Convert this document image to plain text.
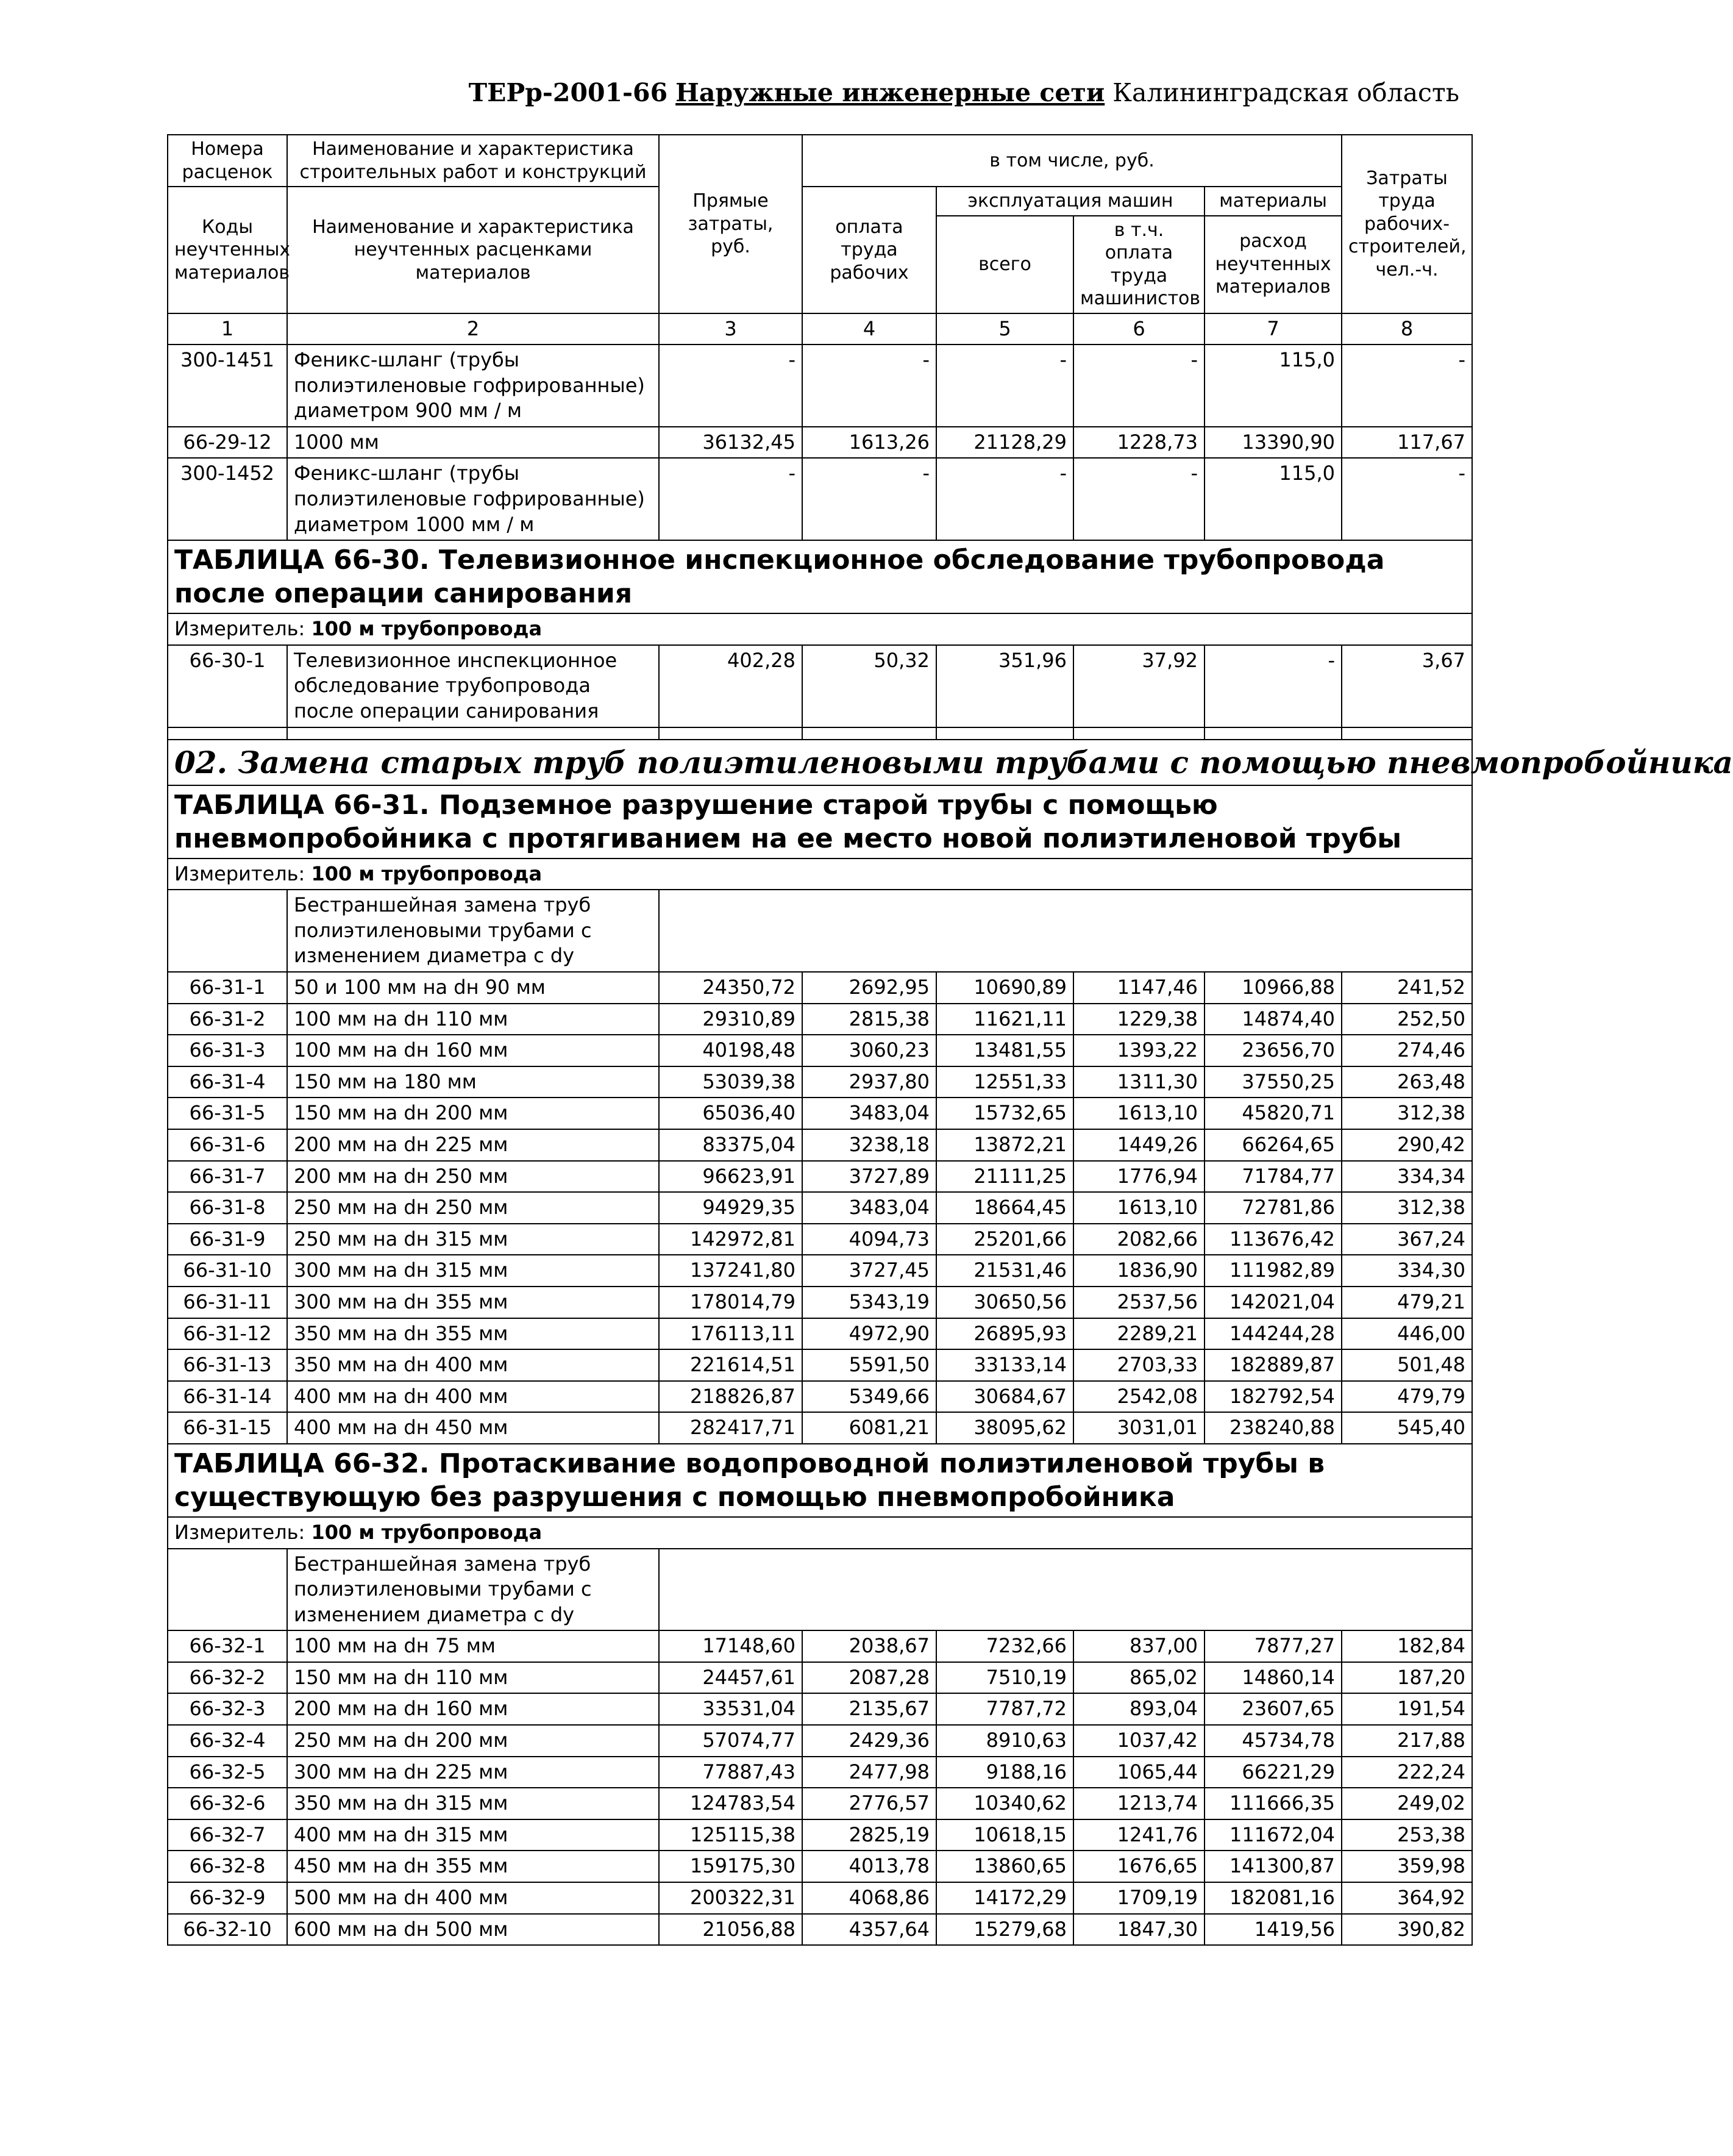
ТЕРр-2001-66 Наружные инженерные сети Калининградская область
Номера расценок	Наименование и характеристика строительных работ и конструкций	Прямые затраты, руб.	в том числе, руб.				Затраты труда рабочих-строителей,
чел.-ч.

Коды неучтенных материалов	Наименование и характеристика неучтенных расценками материалов		оплата труда рабочих	эксплуатация машин		материалы	
				всего	в т.ч. оплата труда машинистов	расход неучтенных материалов	
1	2	3	4	5	6	7	8
300-1451	Феникс-шланг (трубы полиэтиленовые гофрированные) диаметром 900 мм / м	-	-	-	-	115,0	-
66-29-12	1000 мм	36132,45	1613,26	21128,29	1228,73	13390,90	117,67
300-1452	Феникс-шланг (трубы полиэтиленовые гофрированные) диаметром 1000 мм / м	-	-	-	-	115,0	-
ТАБЛИЦА 66-30. Телевизионное инспекционное обследование трубопровода после операции санирования							
Измеритель: 100 м трубопровода							
66-30-1	Телевизионное инспекционное обследование трубопровода после операции санирования	402,28	50,32	351,96	37,92	-	3,67

02. Замена старых труб полиэтиленовыми трубами с помощью пневмопробойника							
ТАБЛИЦА 66-31. Подземное разрушение старой трубы с помощью пневмопробойника с протягиванием на ее место новой полиэтиленовой трубы							
Измеритель: 100 м трубопровода							
	Бестраншейная замена труб полиэтиленовыми трубами с изменением диаметра с dy						
66-31-1	50 и 100 мм на dн 90 мм	24350,72	2692,95	10690,89	1147,46	10966,88	241,52
66-31-2	100 мм на dн 110 мм	29310,89	2815,38	11621,11	1229,38	14874,40	252,50
66-31-3	100 мм на dн 160 мм	40198,48	3060,23	13481,55	1393,22	23656,70	274,46
66-31-4	150 мм на 180 мм	53039,38	2937,80	12551,33	1311,30	37550,25	263,48
66-31-5	150 мм на dн 200 мм	65036,40	3483,04	15732,65	1613,10	45820,71	312,38
66-31-6	200 мм на dн 225 мм	83375,04	3238,18	13872,21	1449,26	66264,65	290,42
66-31-7	200 мм на dн 250 мм	96623,91	3727,89	21111,25	1776,94	71784,77	334,34
66-31-8	250 мм на dн 250 мм	94929,35	3483,04	18664,45	1613,10	72781,86	312,38
66-31-9	250 мм на dн 315 мм	142972,81	4094,73	25201,66	2082,66	113676,42	367,24
66-31-10	300 мм на dн 315 мм	137241,80	3727,45	21531,46	1836,90	111982,89	334,30
66-31-11	300 мм на dн 355 мм	178014,79	5343,19	30650,56	2537,56	142021,04	479,21
66-31-12	350 мм на dн 355 мм	176113,11	4972,90	26895,93	2289,21	144244,28	446,00
66-31-13	350 мм на dн 400 мм	221614,51	5591,50	33133,14	2703,33	182889,87	501,48
66-31-14	400 мм на dн 400 мм	218826,87	5349,66	30684,67	2542,08	182792,54	479,79
66-31-15	400 мм на dн 450 мм	282417,71	6081,21	38095,62	3031,01	238240,88	545,40
ТАБЛИЦА 66-32. Протаскивание водопроводной полиэтиленовой трубы в существующую без разрушения с помощью пневмопробойника							
Измеритель: 100 м трубопровода							
	Бестраншейная замена труб полиэтиленовыми трубами с изменением диаметра с dy						
66-32-1	100 мм на dн 75 мм	17148,60	2038,67	7232,66	837,00	7877,27	182,84
66-32-2	150 мм на dн 110 мм	24457,61	2087,28	7510,19	865,02	14860,14	187,20
66-32-3	200 мм на dн 160 мм	33531,04	2135,67	7787,72	893,04	23607,65	191,54
66-32-4	250 мм на dн 200 мм	57074,77	2429,36	8910,63	1037,42	45734,78	217,88
66-32-5	300 мм на dн 225 мм	77887,43	2477,98	9188,16	1065,44	66221,29	222,24
66-32-6	350 мм на dн 315 мм	124783,54	2776,57	10340,62	1213,74	111666,35	249,02
66-32-7	400 мм на dн 315 мм	125115,38	2825,19	10618,15	1241,76	111672,04	253,38
66-32-8	450 мм на dн 355 мм	159175,30	4013,78	13860,65	1676,65	141300,87	359,98
66-32-9	500 мм на dн 400 мм	200322,31	4068,86	14172,29	1709,19	182081,16	364,92
66-32-10	600 мм на dн 500 мм	21056,88	4357,64	15279,68	1847,30	1419,56	390,82
